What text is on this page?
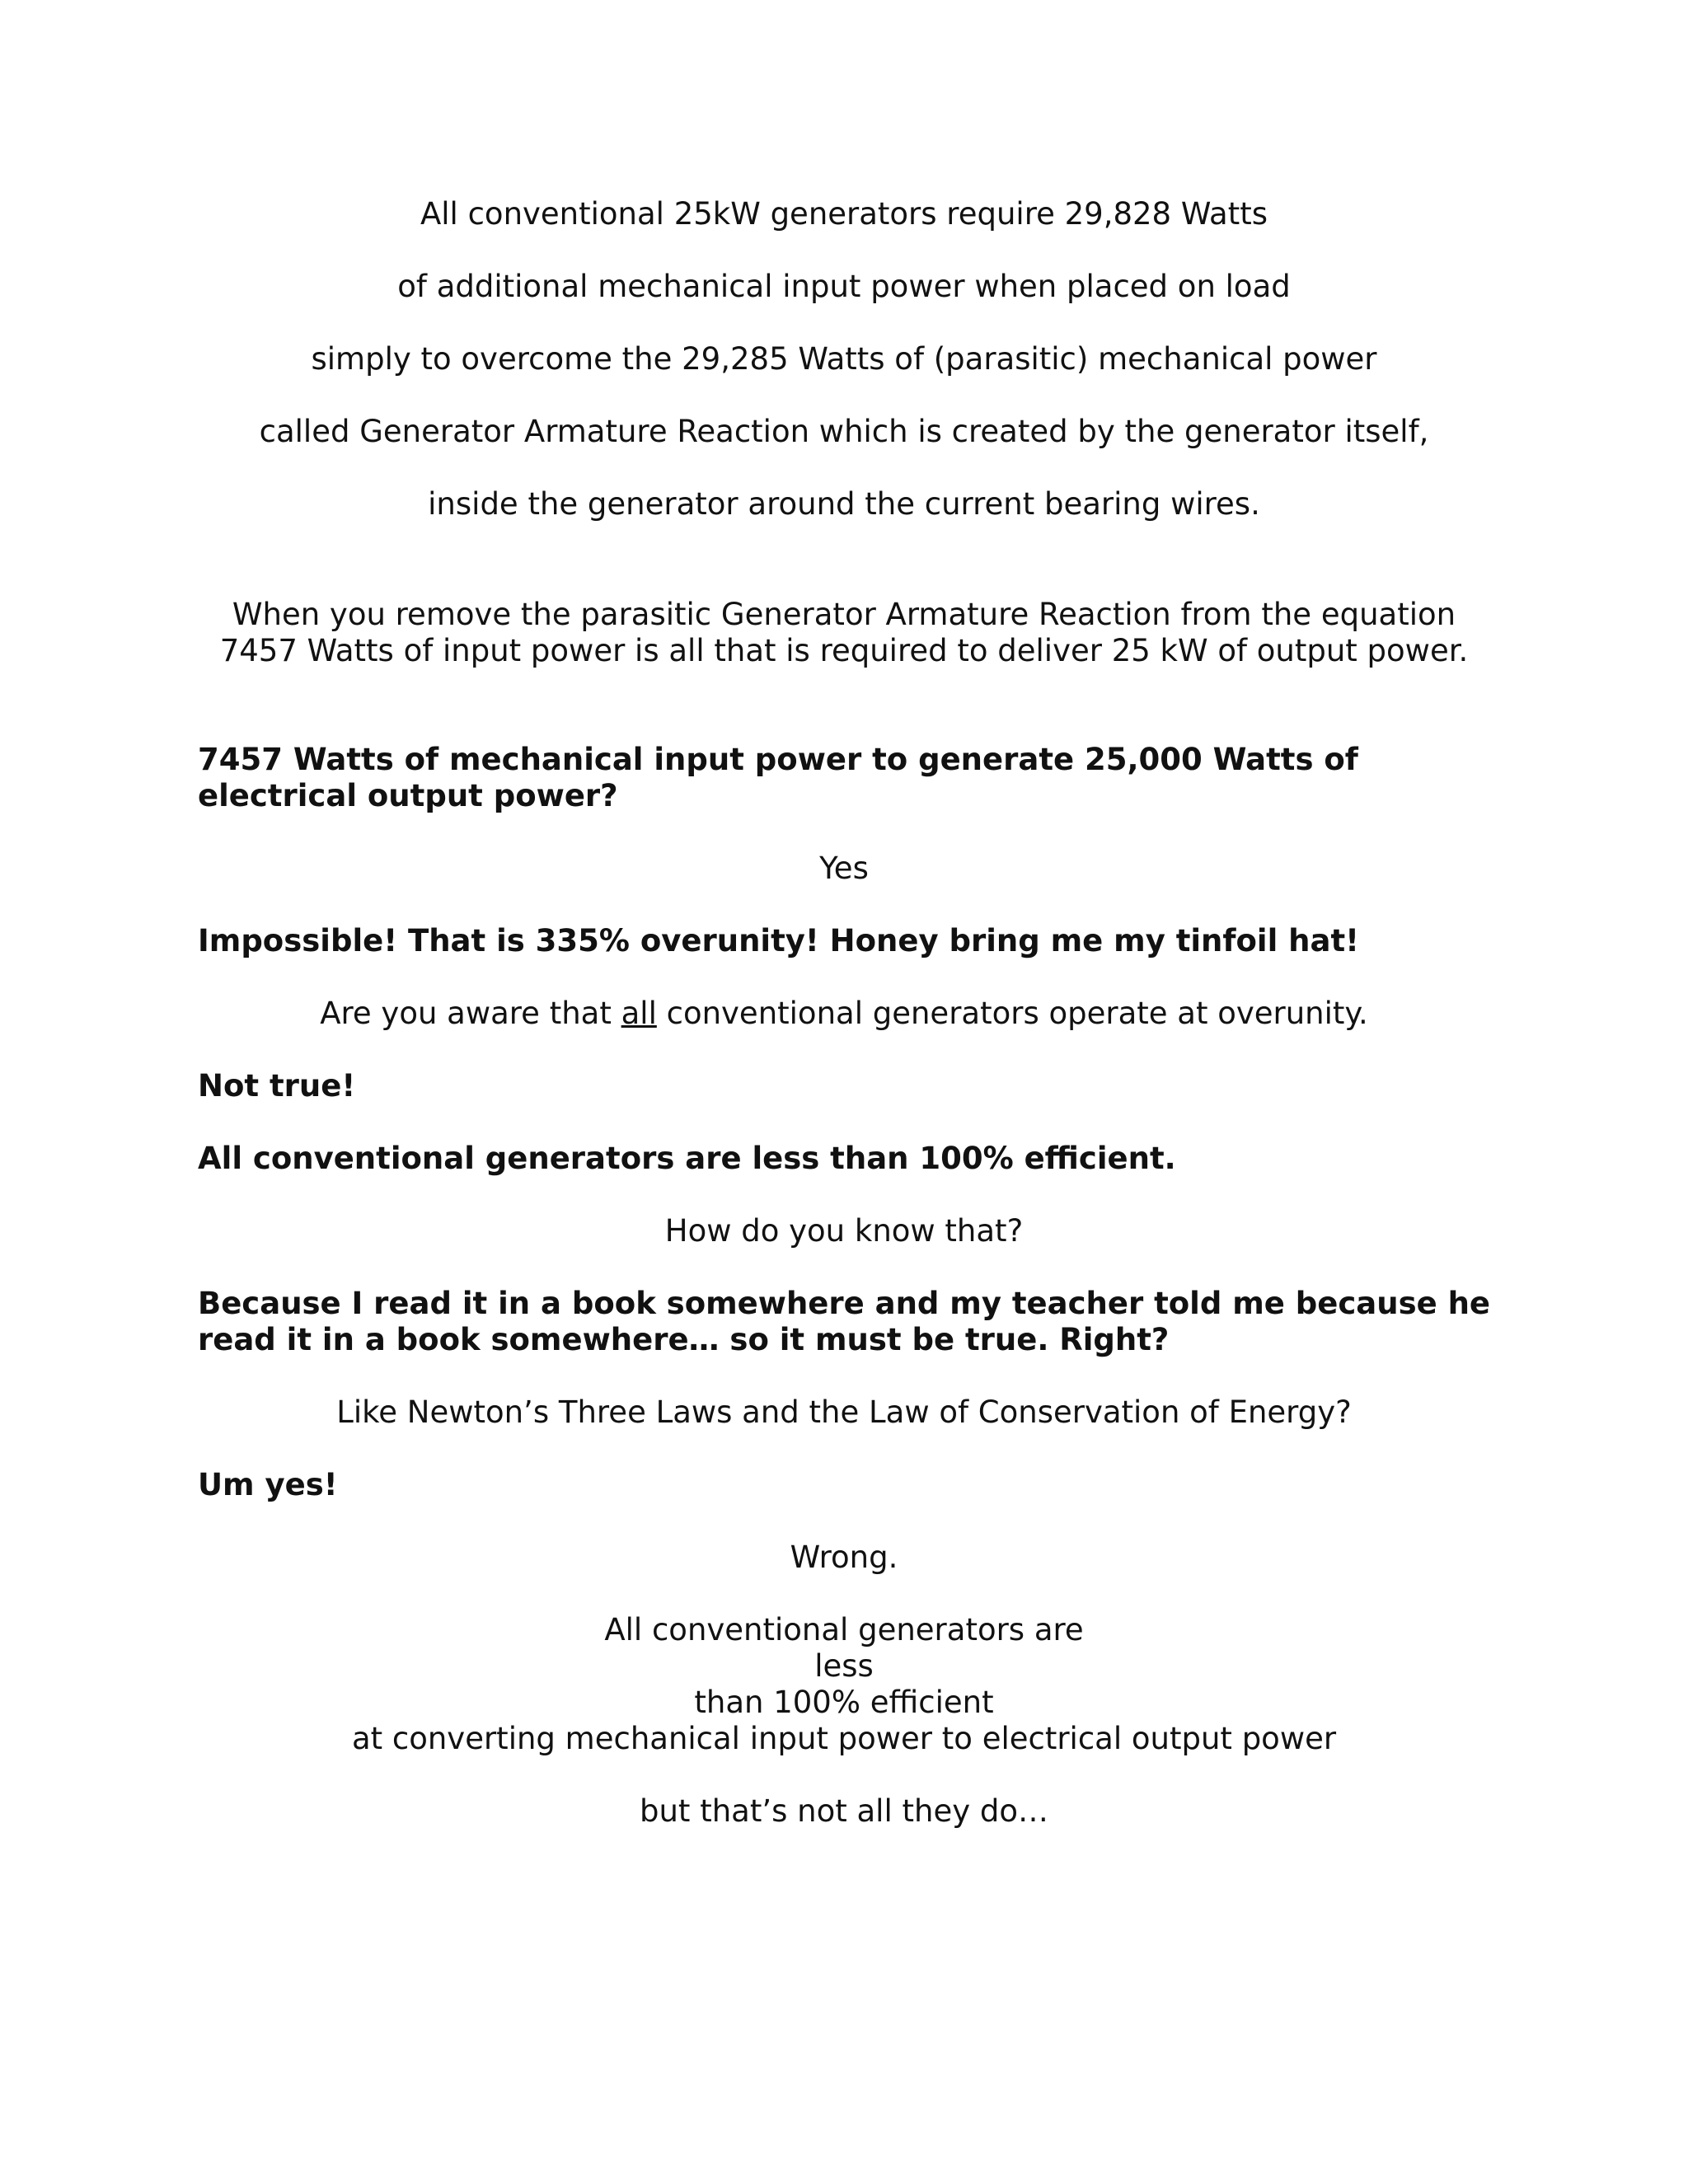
All conventional 25kW generators require 29,828 Watts

of additional mechanical input power when placed on load

simply to overcome the 29,285 Watts of (parasitic) mechanical power

called Generator Armature Reaction which is created by the generator itself,

inside the generator around the current bearing wires.

When you remove the parasitic Generator Armature Reaction from the equation

7457 Watts of input power is all that is required to deliver 25 kW of output power.

7457 Watts of mechanical input power to generate 25,000 Watts of

electrical output power?

Yes

Impossible! That is 335% overunity! Honey bring me my tinfoil hat!

Are you aware that all conventional generators operate at overunity.

Not true!

All conventional generators are less than 100% efficient.

How do you know that?

Because I read it in a book somewhere and my teacher told me because he

read it in a book somewhere… so it must be true. Right?

Like Newton’s Three Laws and the Law of Conservation of Energy?

Um yes!

Wrong.

All conventional generators are

less

than 100% efficient

at converting mechanical input power to electrical output power

but that’s not all they do…
